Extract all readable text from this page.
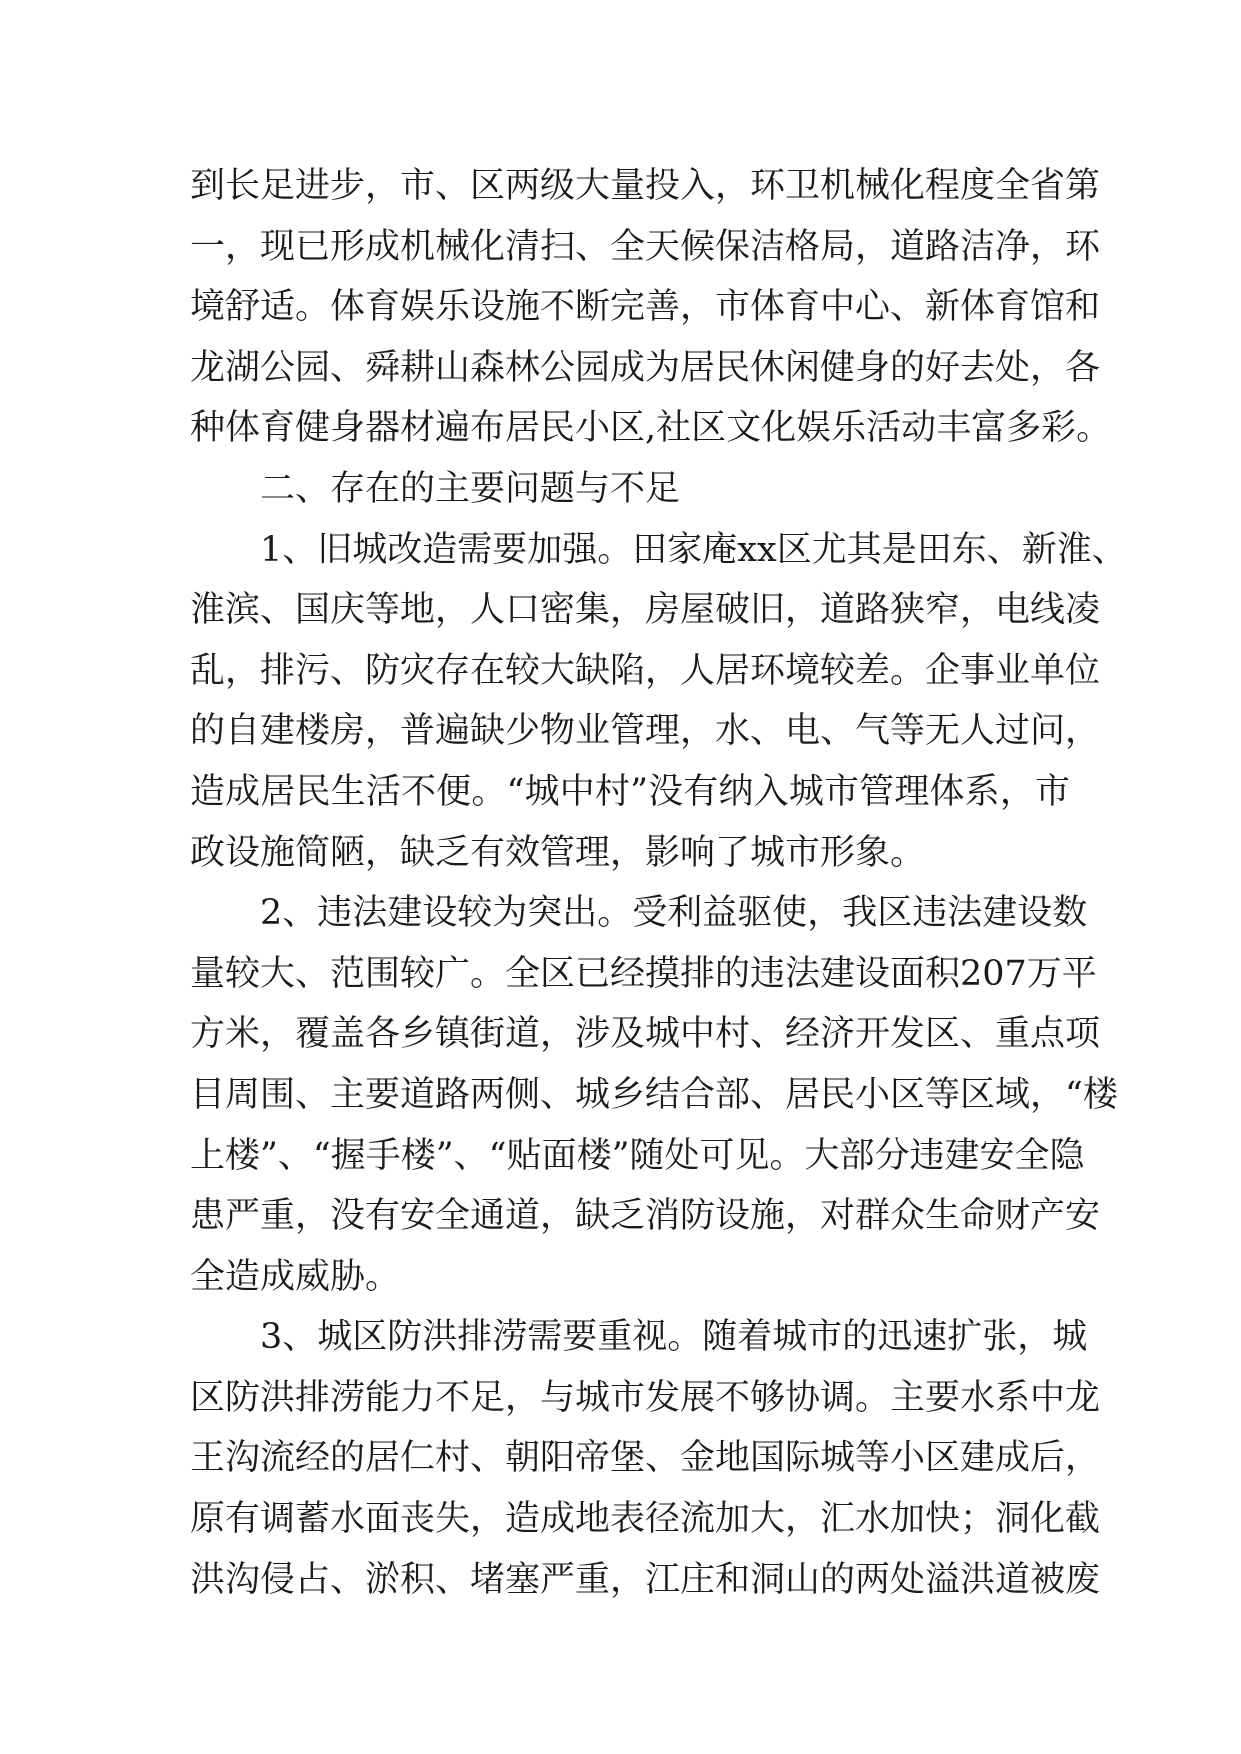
到长足进步，市、区两级大量投入，环卫机械化程度全省第
一，现已形成机械化清扫、全天候保洁格局，道路洁净，环
境舒适。体育娱乐设施不断完善，市体育中心、新体育馆和
龙湖公园、舜耕山森林公园成为居民休闲健身的好去处，各
种体育健身器材遍布居民小区,社区文化娱乐活动丰富多彩。
二、存在的主要问题与不足
1、旧城改造需要加强。田家庵xx区尤其是田东、新淮、
淮滨、国庆等地，人口密集，房屋破旧，道路狭窄，电线凌
乱，排污、防灾存在较大缺陷，人居环境较差。企事业单位
的自建楼房，普遍缺少物业管理，水、电、气等无人过问，
造成居民生活不便。“城中村”没有纳入城市管理体系，市
政设施简陋，缺乏有效管理，影响了城市形象。
2、违法建设较为突出。受利益驱使，我区违法建设数
量较大、范围较广。全区已经摸排的违法建设面积207万平
方米，覆盖各乡镇街道，涉及城中村、经济开发区、重点项
目周围、主要道路两侧、城乡结合部、居民小区等区域，“楼
上楼”、“握手楼”、“贴面楼”随处可见。大部分违建安全隐
患严重，没有安全通道，缺乏消防设施，对群众生命财产安
全造成威胁。
3、城区防洪排涝需要重视。随着城市的迅速扩张，城
区防洪排涝能力不足，与城市发展不够协调。主要水系中龙
王沟流经的居仁村、朝阳帝堡、金地国际城等小区建成后，
原有调蓄水面丧失，造成地表径流加大，汇水加快；洞化截
洪沟侵占、淤积、堵塞严重，江庄和洞山的两处溢洪道被废
